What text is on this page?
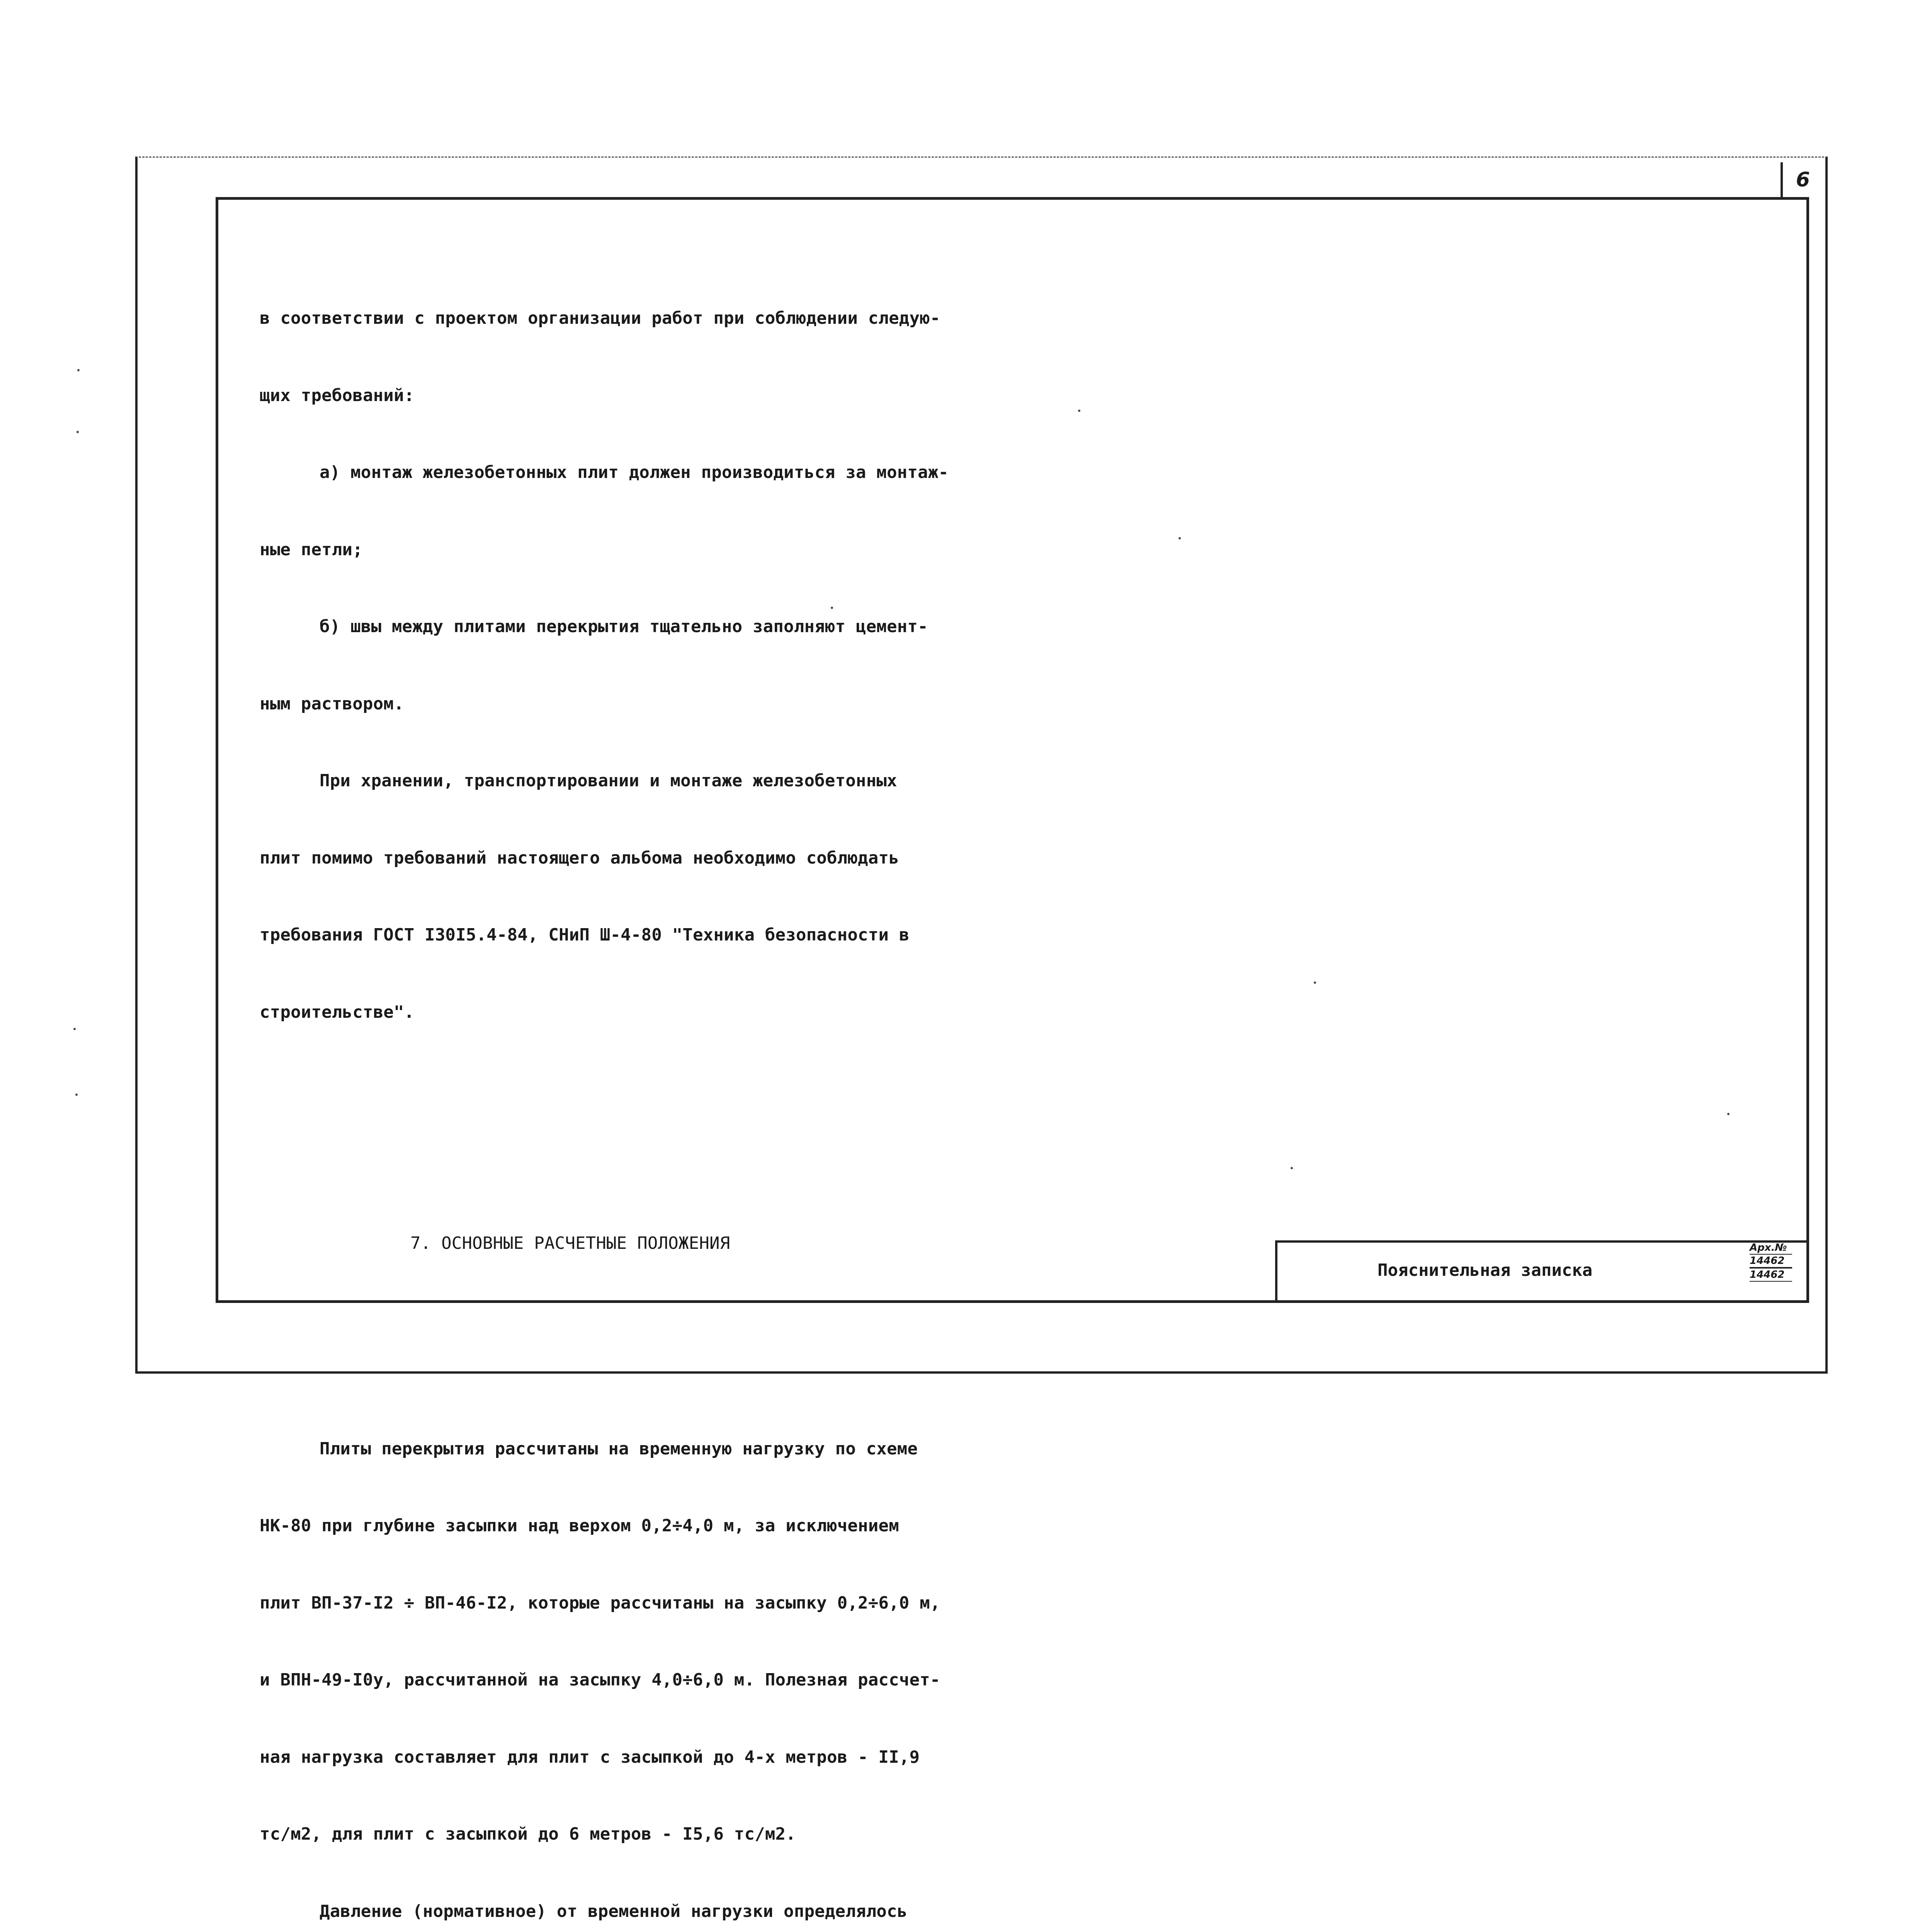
6

в соответствии с проектом организации работ при соблюдении следую-

щих требований:

а) монтаж железобетонных плит должен производиться за монтаж-

ные петли;

б) швы между плитами перекрытия тщательно заполняют цемент-

ным раствором.

При хранении, транспортировании и монтаже железобетонных

плит помимо требований настоящего альбома необходимо соблюдать

требования ГОСТ I30I5.4-84, СНиП Ш-4-80 "Техника безопасности в

строительстве".

7. ОСНОВНЫЕ РАСЧЕТНЫЕ ПОЛОЖЕНИЯ

Плиты перекрытия рассчитаны на временную нагрузку по схеме

НК-80 при глубине засыпки над верхом 0,2÷4,0 м, за исключением

плит ВП-37-I2 ÷ ВП-46-I2, которые рассчитаны на засыпку 0,2÷6,0 м,

и ВПН-49-I0у, рассчитанной на засыпку 4,0÷6,0 м. Полезная рассчет-

ная нагрузка составляет для плит с засыпкой до 4-х метров - II,9

тс/м2, для плит с засыпкой до 6 метров - I5,6 тс/м2.

Давление (нормативное) от временной нагрузки определялось

Пояснительная записка
Арх.№
14462
14462
